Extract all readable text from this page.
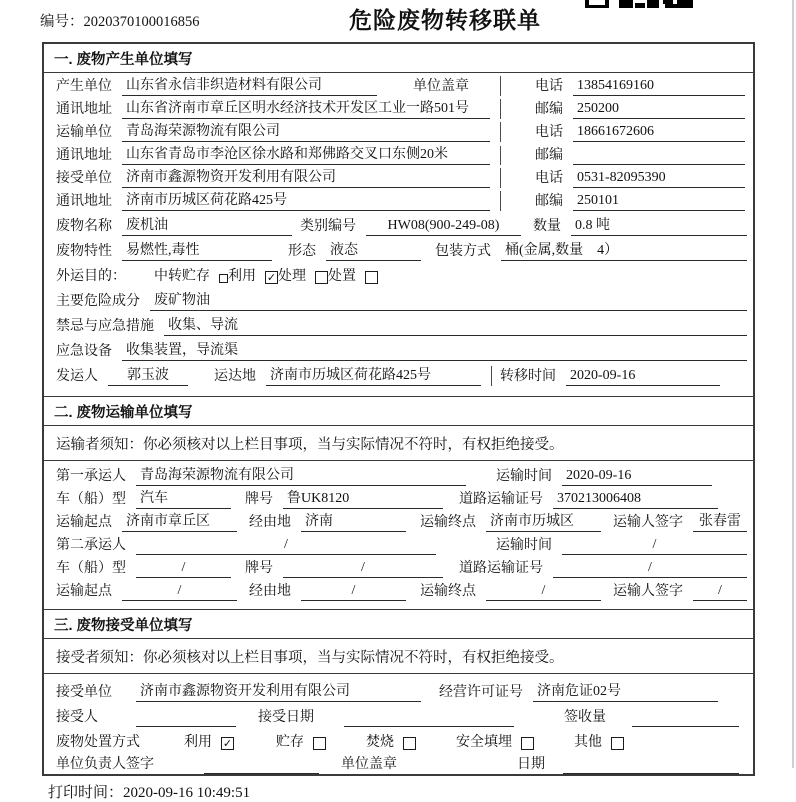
编号：2020370100016856	危险废物转移联单
一. 废物产生单位填写
产生单位 山东省永信非织造材料有限公司	单位盖章	电话 13854169160
通讯地址 山东省济南市章丘区明水经济技术开发区工业一路501号	邮编 250200
运输单位 青岛海荣源物流有限公司	电话 18661672606
通讯地址 山东省青岛市李沧区徐水路和郑佛路交叉口东侧20米	邮编
接受单位 济南市鑫源物资开发利用有限公司	电话 0531-82095390
通讯地址 济南市历城区荷花路425号	邮编 250101
废物名称 废机油	类别编号	HW08(900-249-08)	数量 0.8 吨
废物特性 易燃性,毒性	形态 液态	包装方式 桶(金属,数量　4）
外运目的： 中转贮存 利用 ✓ 处理 处置
主要危险成分 废矿物油
禁忌与应急措施 收集、导流
应急设备 收集装置，导流渠
发运人	郭玉波	运达地 济南市历城区荷花路425号	转移时间 2020-09-16
二. 废物运输单位填写
运输者须知：你必须核对以上栏目事项，当与实际情况不符时，有权拒绝接受。
第一承运人 青岛海荣源物流有限公司	运输时间 2020-09-16
车（船）型 汽车	牌号 鲁UK8120	道路运输证号 370213006408
运输起点 济南市章丘区	经由地 济南	运输终点 济南市历城区	运输人签字	张春雷
第二承运人	/	运输时间	/
车（船）型	/	牌号	/	道路运输证号	/
运输起点	/	经由地	/	运输终点	/	运输人签字	/
三. 废物接受单位填写
接受者须知：你必须核对以上栏目事项，当与实际情况不符时，有权拒绝接受。
接受单位 济南市鑫源物资开发利用有限公司	经营许可证号 济南危证02号
接受人	接受日期	签收量
废物处置方式	利用 ✓	贮存	焚烧	安全填埋	其他
单位负责人签字	单位盖章	日期
打印时间：2020-09-16 10:49:51
